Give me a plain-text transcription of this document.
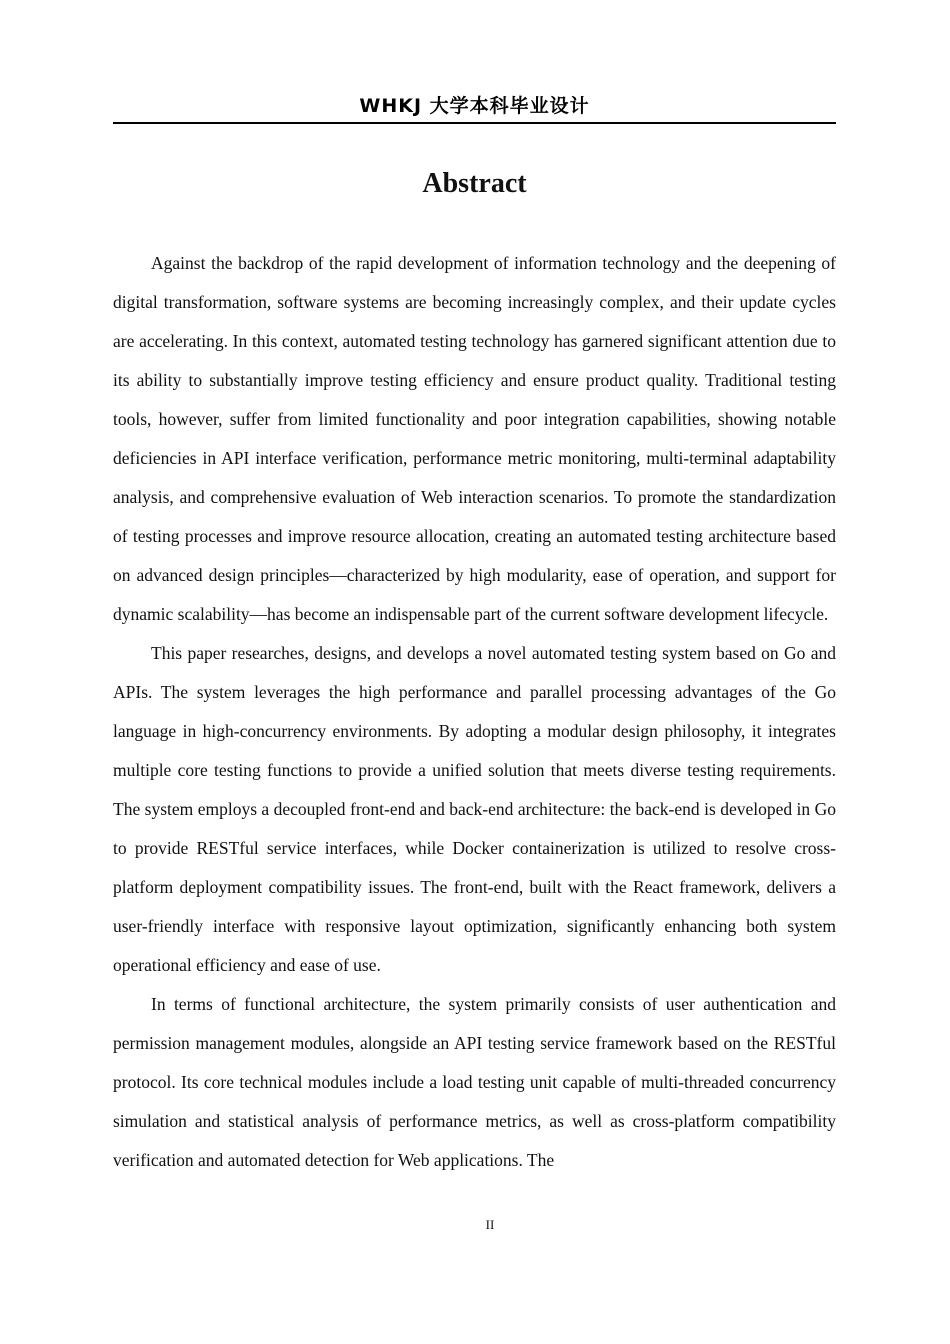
WHKJ 大学本科毕业设计
Abstract

Against the backdrop of the rapid development of information technology and the deepening of digital transformation, software systems are becoming increasingly complex, and their update cycles are accelerating. In this context, automated testing technology has garnered significant attention due to its ability to substantially improve testing efficiency and ensure product quality. Traditional testing tools, however, suffer from limited functionality and poor integration capabilities, showing notable deficiencies in API interface verification, performance metric monitoring, multi-terminal adaptability analysis, and comprehensive evaluation of Web interaction scenarios. To promote the standardization of testing processes and improve resource allocation, creating an automated testing architecture based on advanced design principles—characterized by high modularity, ease of operation, and support for dynamic scalability—has become an indispensable part of the current software development lifecycle.

This paper researches, designs, and develops a novel automated testing system based on Go and APIs. The system leverages the high performance and parallel processing advantages of the Go language in high-concurrency environments. By adopting a modular design philosophy, it integrates multiple core testing functions to provide a unified solution that meets diverse testing requirements. The system employs a decoupled front-end and back-end architecture: the back-end is developed in Go to provide RESTful service interfaces, while Docker containerization is utilized to resolve cross-platform deployment compatibility issues. The front-end, built with the React framework, delivers a user-friendly interface with responsive layout optimization, significantly enhancing both system operational efficiency and ease of use.

In terms of functional architecture, the system primarily consists of user authentication and permission management modules, alongside an API testing service framework based on the RESTful protocol. Its core technical modules include a load testing unit capable of multi-threaded concurrency simulation and statistical analysis of performance metrics, as well as cross-platform compatibility verification and automated detection for Web applications. The

II
